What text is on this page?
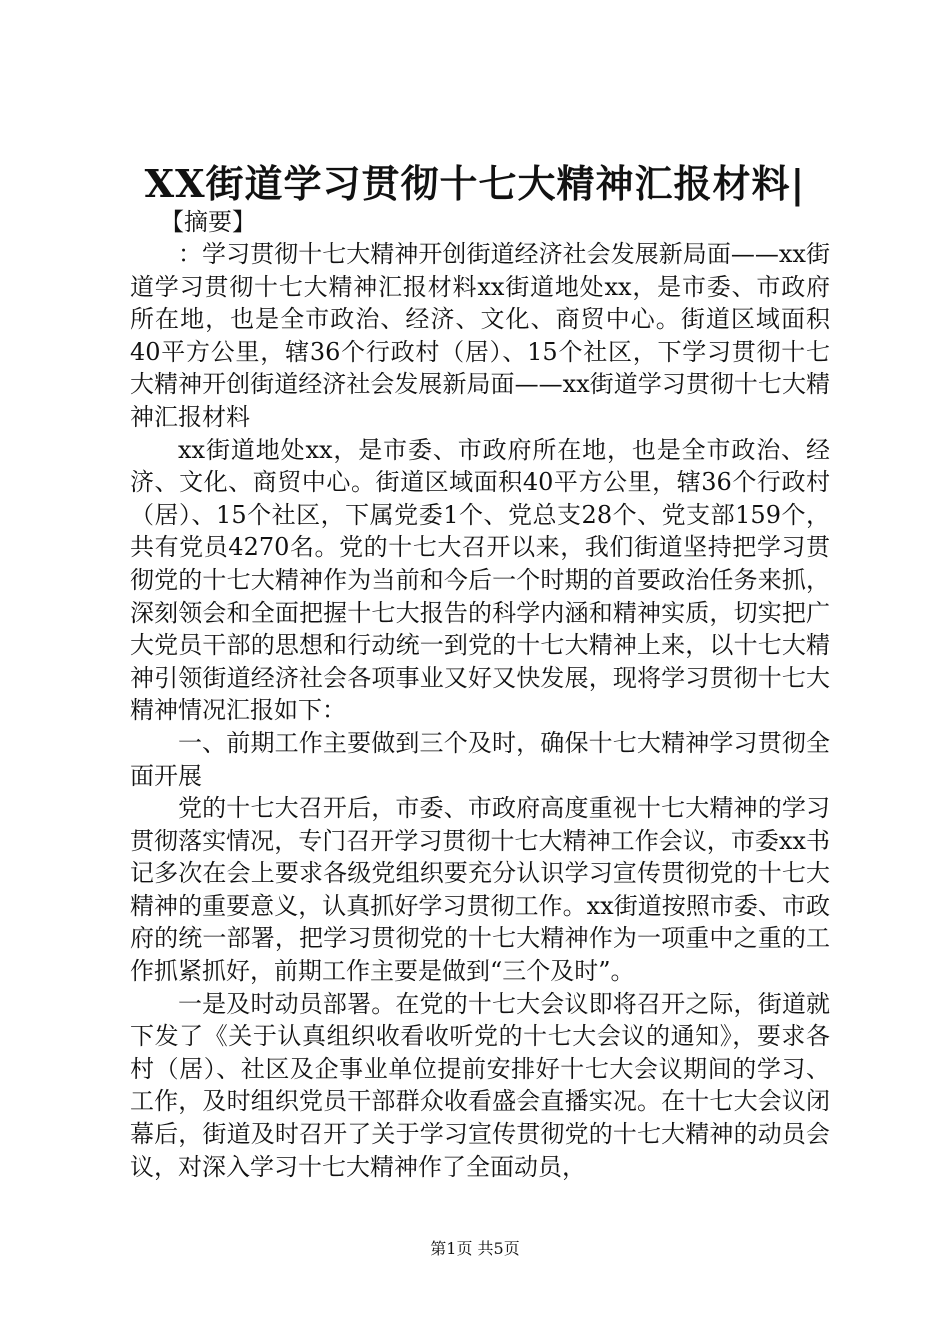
XX街道学习贯彻十七大精神汇报材料|
【摘要】

：学习贯彻十七大精神开创街道经济社会发展新局面——xx街道学习贯彻十七大精神汇报材料xx街道地处xx，是市委、市政府所在地，也是全市政治、经济、文化、商贸中心。街道区域面积40平方公里，辖36个行政村（居）、15个社区，下学习贯彻十七大精神开创街道经济社会发展新局面——xx街道学习贯彻十七大精神汇报材料

xx街道地处xx，是市委、市政府所在地，也是全市政治、经济、文化、商贸中心。街道区域面积40平方公里，辖36个行政村（居）、15个社区，下属党委1个、党总支28个、党支部159个，共有党员4270名。党的十七大召开以来，我们街道坚持把学习贯彻党的十七大精神作为当前和今后一个时期的首要政治任务来抓，深刻领会和全面把握十七大报告的科学内涵和精神实质，切实把广大党员干部的思想和行动统一到党的十七大精神上来，以十七大精神引领街道经济社会各项事业又好又快发展，现将学习贯彻十七大精神情况汇报如下：

一、前期工作主要做到三个及时，确保十七大精神学习贯彻全面开展

党的十七大召开后，市委、市政府高度重视十七大精神的学习贯彻落实情况，专门召开学习贯彻十七大精神工作会议，市委xx书记多次在会上要求各级党组织要充分认识学习宣传贯彻党的十七大精神的重要意义，认真抓好学习贯彻工作。xx街道按照市委、市政府的统一部署，把学习贯彻党的十七大精神作为一项重中之重的工作抓紧抓好，前期工作主要是做到“三个及时”。

一是及时动员部署。在党的十七大会议即将召开之际，街道就下发了《关于认真组织收看收听党的十七大会议的通知》，要求各村（居）、社区及企事业单位提前安排好十七大会议期间的学习、工作，及时组织党员干部群众收看盛会直播实况。在十七大会议闭幕后，街道及时召开了关于学习宣传贯彻党的十七大精神的动员会议，对深入学习十七大精神作了全面动员，

第1页 共5页
